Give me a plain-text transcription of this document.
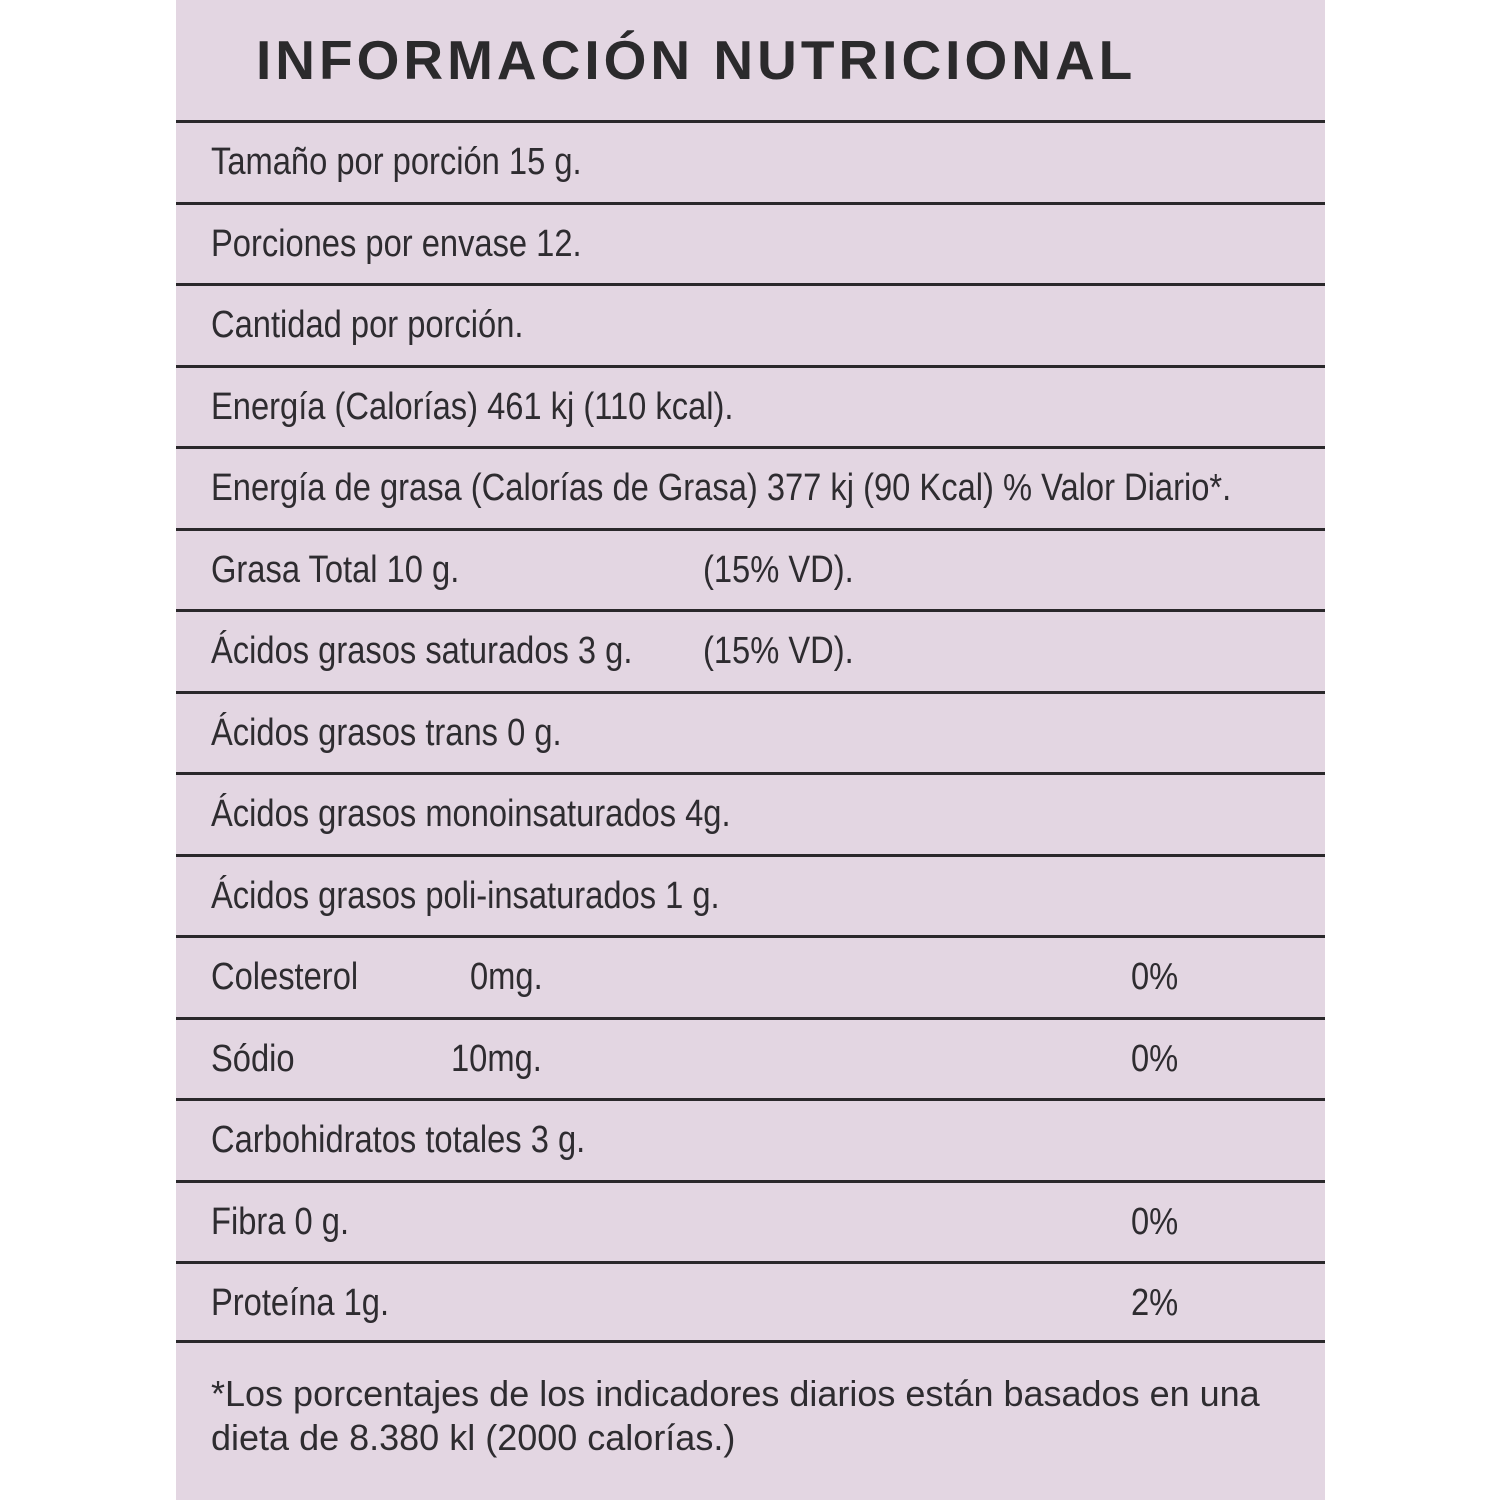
INFORMACIÓN NUTRICIONAL
Tamaño por porción 15 g.
Porciones por envase 12.
Cantidad por porción.
Energía (Calorías) 461 kj (110 kcal).
Energía de grasa (Calorías de Grasa) 377 kj (90 Kcal) % Valor Diario*.
Grasa Total 10 g.	(15% VD).
Ácidos grasos saturados 3 g. (15% VD).
Ácidos grasos trans 0 g.
Ácidos grasos monoinsaturados 4g.
Ácidos grasos poli-insaturados 1 g.
Colesterol	0mg.	0%
Sódio	10mg.	0%
Carbohidratos totales 3 g.
Fibra 0 g.	0%
Proteína 1g.	2%
*Los porcentajes de los indicadores diarios están basados en una dieta de 8.380 kl (2000 calorías.)
